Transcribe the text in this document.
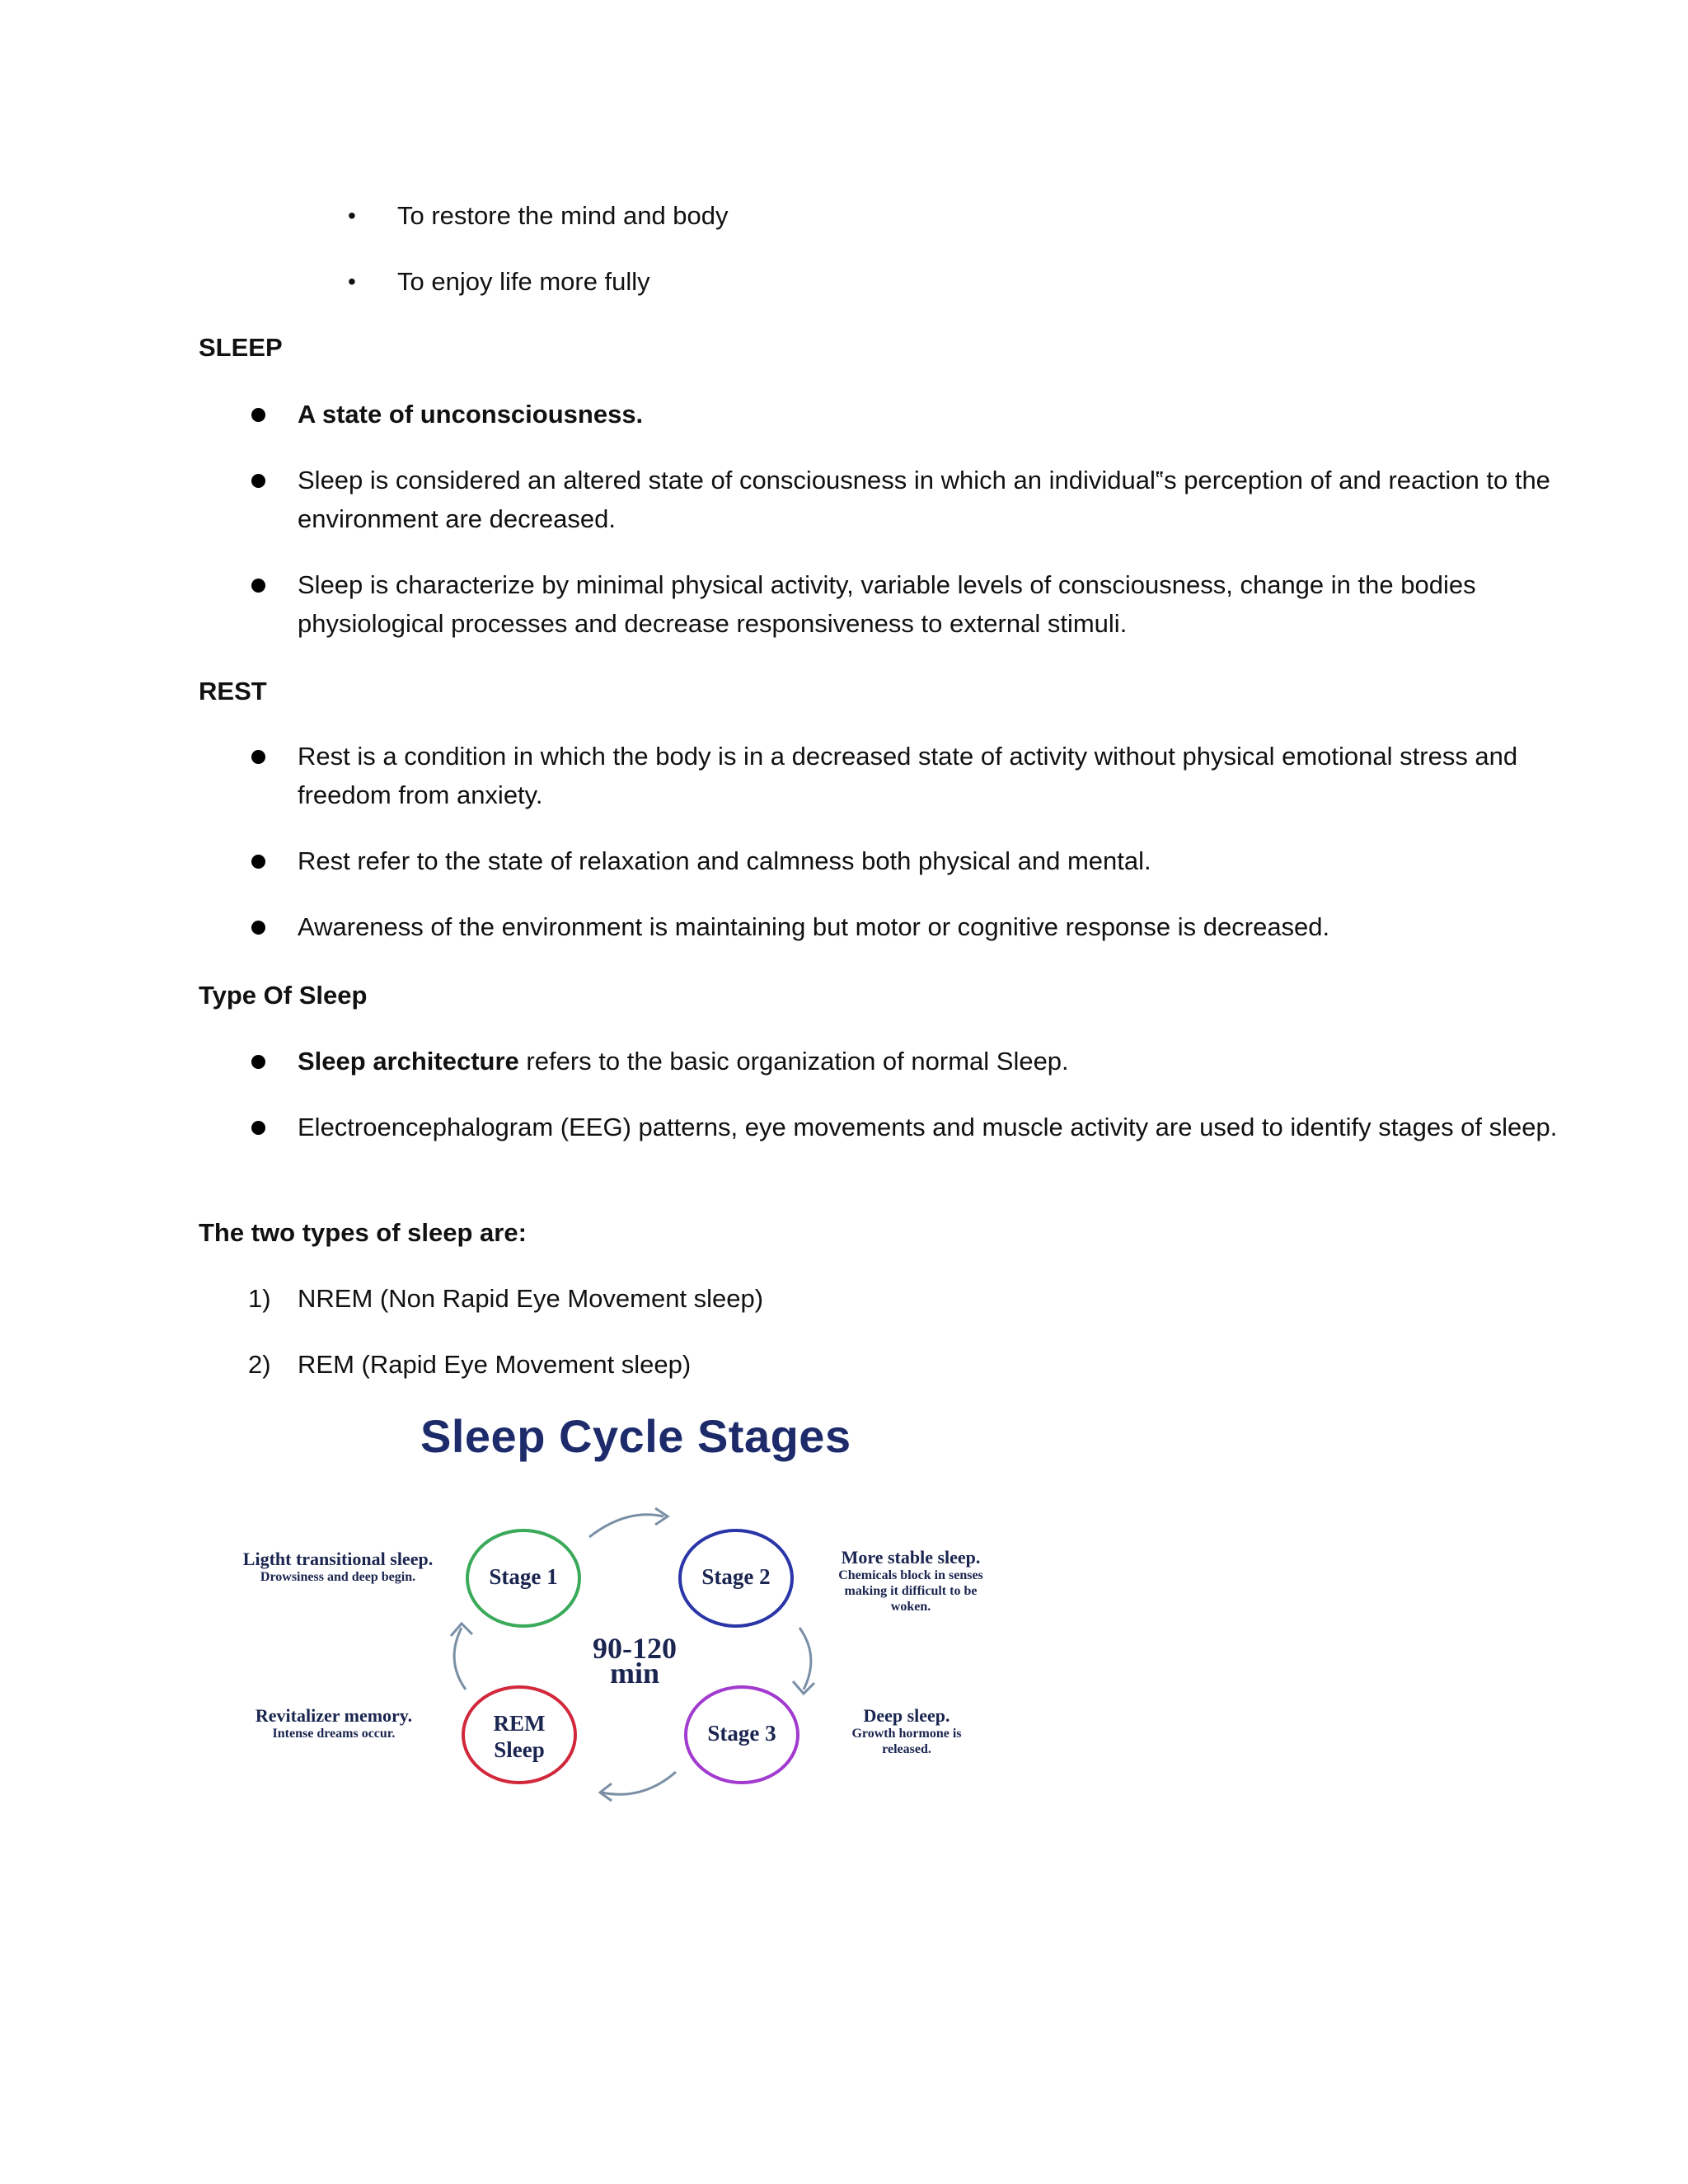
• To restore the mind and body
• To enjoy life more fully
SLEEP
A state of unconsciousness.
Sleep is considered an altered state of consciousness in which an individual‟s perception of and reaction to the environment are decreased.
Sleep is characterize by minimal physical activity, variable levels of consciousness, change in the bodies physiological processes and decrease responsiveness to external stimuli.
REST
Rest is a condition in which the body is in a decreased state of activity without physical emotional stress and freedom from anxiety.
Rest refer to the state of relaxation and calmness both physical and mental.
Awareness of the environment is maintaining but motor or cognitive response is decreased.
Type Of Sleep
Sleep architecture refers to the basic organization of normal Sleep.
Electroencephalogram (EEG) patterns, eye movements and muscle activity are used to identify stages of sleep.
The two types of sleep are:
1) NREM (Non Rapid Eye Movement sleep)
2) REM (Rapid Eye Movement sleep)
Sleep Cycle Stages
Stage 1	Stage 2
Stage 3
REM
Sleep
90-120
min
Ligtht transitional sleep.
Drowsiness and deep begin.
More stable sleep.
Chemicals block in senses making it difficult to be woken.
Deep sleep.
Growth hormone is released.
Revitalizer memory.
Intense dreams occur.
